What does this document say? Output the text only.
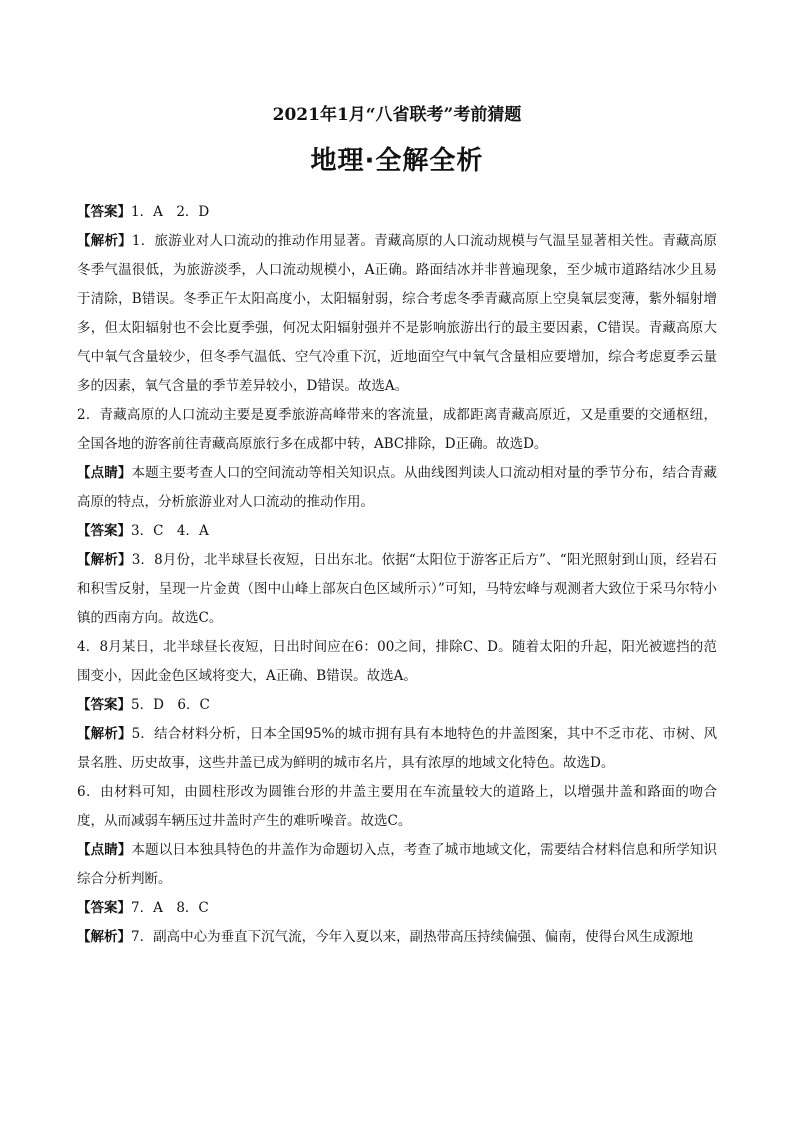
2021年1月“八省联考”考前猜题
地理·全解全析

【答案】1．A　2．D

【解析】1．旅游业对人口流动的推动作用显著。青藏高原的人口流动规模与气温呈显著相关性。青藏高原冬季气温很低，为旅游淡季，人口流动规模小，A正确。路面结冰并非普遍现象，至少城市道路结冰少且易于清除，B错误。冬季正午太阳高度小，太阳辐射弱，综合考虑冬季青藏高原上空臭氧层变薄，紫外辐射增多，但太阳辐射也不会比夏季强，何况太阳辐射强并不是影响旅游出行的最主要因素，C错误。青藏高原大气中氧气含量较少，但冬季气温低、空气冷重下沉，近地面空气中氧气含量相应要增加，综合考虑夏季云量多的因素，氧气含量的季节差异较小，D错误。故选A。

2．青藏高原的人口流动主要是夏季旅游高峰带来的客流量，成都距离青藏高原近，又是重要的交通枢纽，全国各地的游客前往青藏高原旅行多在成都中转，ABC排除，D正确。故选D。

【点睛】本题主要考查人口的空间流动等相关知识点。从曲线图判读人口流动相对量的季节分布，结合青藏高原的特点，分析旅游业对人口流动的推动作用。

【答案】3．C　4．A

【解析】3．8月份，北半球昼长夜短，日出东北。依据“太阳位于游客正后方”、“阳光照射到山顶，经岩石和积雪反射，呈现一片金黄（图中山峰上部灰白色区域所示）”可知，马特宏峰与观测者大致位于采马尔特小镇的西南方向。故选C。

4．8月某日，北半球昼长夜短，日出时间应在6：00之间，排除C、D。随着太阳的升起，阳光被遮挡的范围变小，因此金色区域将变大，A正确、B错误。故选A。

【答案】5．D　6．C

【解析】5．结合材料分析，日本全国95%的城市拥有具有本地特色的井盖图案，其中不乏市花、市树、风景名胜、历史故事，这些井盖已成为鲜明的城市名片，具有浓厚的地域文化特色。故选D。

6．由材料可知，由圆柱形改为圆锥台形的井盖主要用在车流量较大的道路上，以增强井盖和路面的吻合度，从而减弱车辆压过井盖时产生的难听噪音。故选C。

【点睛】本题以日本独具特色的井盖作为命题切入点，考查了城市地域文化，需要结合材料信息和所学知识综合分析判断。

【答案】7．A　8．C

【解析】7．副高中心为垂直下沉气流，今年入夏以来，副热带高压持续偏强、偏南，使得台风生成源地
